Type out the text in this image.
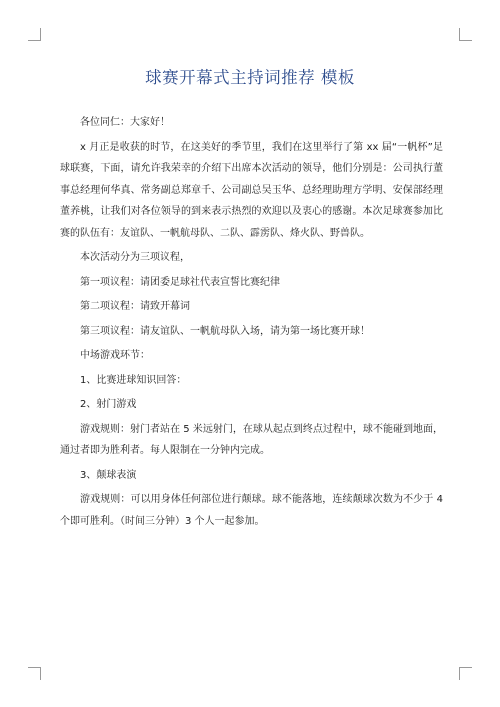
球赛开幕式主持词推荐 模板

各位同仁：大家好！

x 月正是收获的时节，在这美好的季节里，我们在这里举行了第 xx 届“一帆杯”足球联赛，下面，请允许我荣幸的介绍下出席本次活动的领导，他们分别是：公司执行董事总经理何华真、常务副总郑章千、公司副总吴玉华、总经理助理方学明、安保部经理董养桃，让我们对各位领导的到来表示热烈的欢迎以及衷心的感谢。本次足球赛参加比赛的队伍有：友谊队、一帆航母队、二队、霹雳队、烽火队、野兽队。

本次活动分为三项议程，

第一项议程：请团委足球社代表宣誓比赛纪律

第二项议程：请致开幕词

第三项议程：请友谊队、一帆航母队入场，请为第一场比赛开球！

中场游戏环节：

1、比赛进球知识回答：

2、射门游戏

游戏规则：射门者站在 5 米远射门，在球从起点到终点过程中，球不能碰到地面，通过者即为胜利者。每人限制在一分钟内完成。

3、颠球表演

游戏规则：可以用身体任何部位进行颠球。球不能落地，连续颠球次数为不少于 4 个即可胜利。（时间三分钟）3 个人一起参加。
